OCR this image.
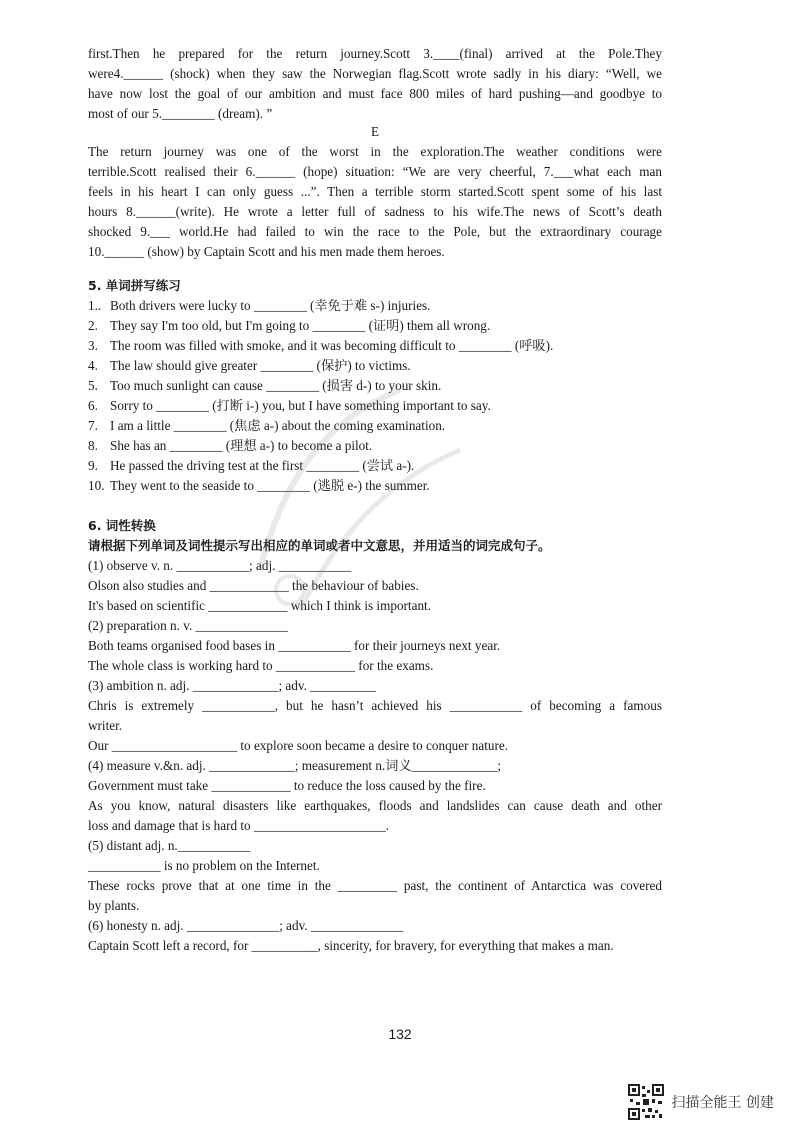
first.Then he prepared for the return journey.Scott 3.____(final) arrived at the Pole.They
were4.______ (shock) when they saw the Norwegian flag.Scott wrote sadly in his diary: “Well, we
have now lost the goal of our ambition and must face 800 miles of hard pushing—and goodbye to
most of our 5.________ (dream). ”
E
The return journey was one of the worst in the exploration.The weather conditions were
terrible.Scott realised their 6.______ (hope) situation: “We are very cheerful, 7.___what each man
feels in his heart I can only guess ...”. Then a terrible storm started.Scott spent some of his last
hours 8.______(write). He wrote a letter full of sadness to his wife.The news of Scott’s death
shocked 9.___ world.He had failed to win the race to the Pole, but the extraordinary courage
10.______ (show) by Captain Scott and his men made them heroes.
5. 单词拼写练习
1.. Both drivers were lucky to ________ (幸免于难 s-) injuries.
2. They say I'm too old, but I'm going to ________ (证明) them all wrong.
3. The room was filled with smoke, and it was becoming difficult to ________ (呼吸).
4. The law should give greater ________ (保护) to victims.
5. Too much sunlight can cause ________ (损害 d-) to your skin.
6. Sorry to ________ (打断 i-) you, but I have something important to say.
7. I am a little ________ (焦虑 a-) about the coming examination.
8. She has an ________ (理想 a-) to become a pilot.
9. He passed the driving test at the first ________ (尝试 a-).
10. They went to the seaside to ________ (逃脱 e-) the summer.
6. 词性转换
请根据下列单词及词性提示写出相应的单词或者中文意思，并用适当的词完成句子。
(1) observe v. n. ___________; adj. ___________
Olson also studies and ____________ the behaviour of babies.
It's based on scientific ____________ which I think is important.
(2) preparation n. v. ______________
Both teams organised food bases in ___________ for their journeys next year.
The whole class is working hard to ____________ for the exams.
(3) ambition n. adj. _____________; adv. __________
Chris is extremely ___________, but he hasn’t achieved his ___________ of becoming a famous
writer.
Our ___________________ to explore soon became a desire to conquer nature.
(4) measure v.&n. adj. _____________; measurement n.词义_____________;
Government must take ____________ to reduce the loss caused by the fire.
As you know, natural disasters like earthquakes, floods and landslides can cause death and other
loss and damage that is hard to ____________________.
(5) distant adj. n.___________
___________ is no problem on the Internet.
These rocks prove that at one time in the _________ past, the continent of Antarctica was covered
by plants.
(6) honesty n. adj. ______________; adv. ______________
Captain Scott left a record, for __________, sincerity, for bravery, for everything that makes a man.
132
扫描全能王 创建
